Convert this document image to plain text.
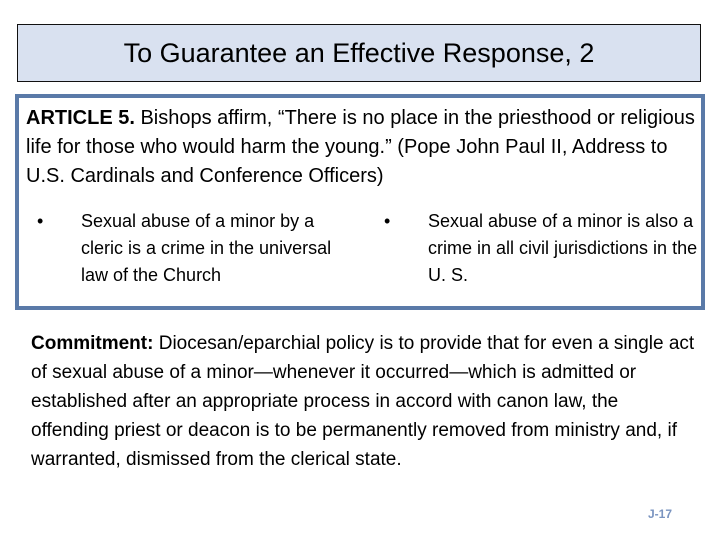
To Guarantee an Effective Response, 2
ARTICLE 5. Bishops affirm, “There is no place in the priesthood or religious life for those who would harm the young.” (Pope John Paul II, Address to U.S. Cardinals and Conference Officers)
• Sexual abuse of a minor by a cleric is a crime in the universal law of the Church
• Sexual abuse of a minor is also a crime in all civil jurisdictions in the U. S.
Commitment: Diocesan/eparchial policy is to provide that for even a single act of sexual abuse of a minor—whenever it occurred—which is admitted or established after an appropriate process in accord with canon law, the offending priest or deacon is to be permanently removed from ministry and, if warranted, dismissed from the clerical state.
J-17
